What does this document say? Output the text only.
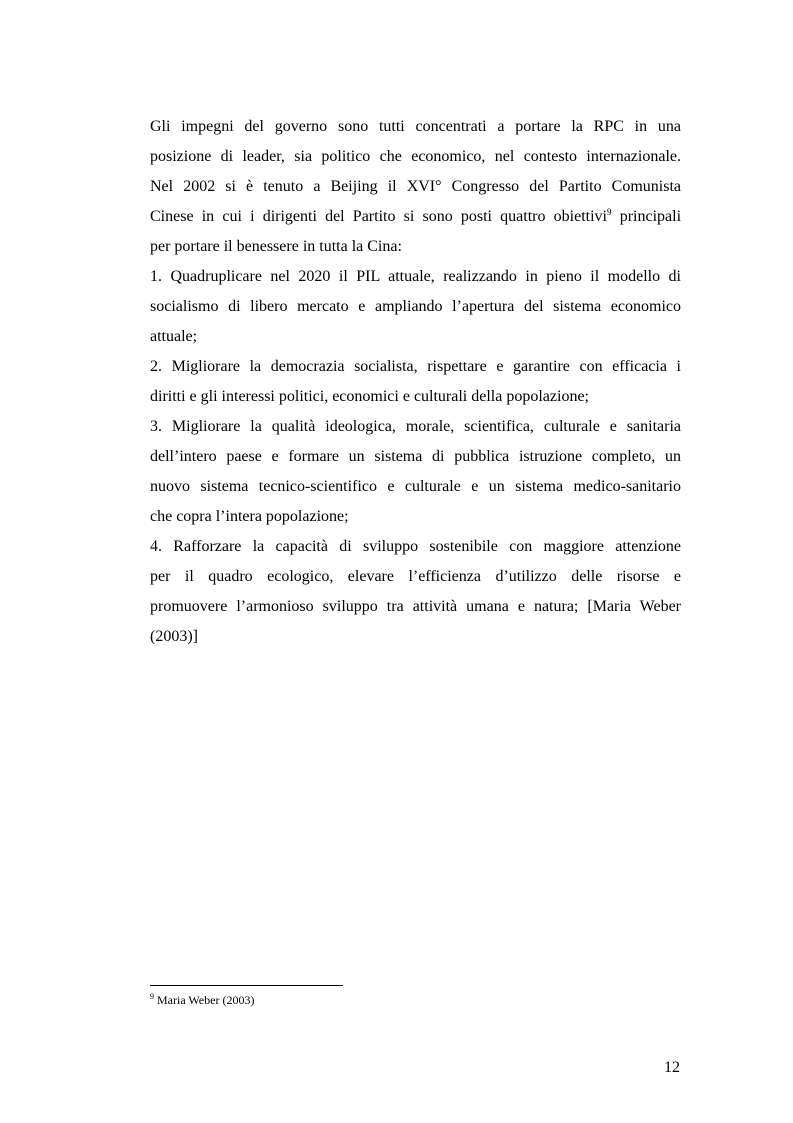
Gli impegni del governo sono tutti concentrati a portare la RPC in una
posizione di leader, sia politico che economico, nel contesto internazionale.
Nel 2002 si è tenuto a Beijing il XVI° Congresso del Partito Comunista
Cinese in cui i dirigenti del Partito si sono posti quattro obiettivi$^9$ principali
per portare il benessere in tutta la Cina:
1. Quadruplicare nel 2020 il PIL attuale, realizzando in pieno il modello di
socialismo di libero mercato e ampliando l’apertura del sistema economico
attuale;
2. Migliorare la democrazia socialista, rispettare e garantire con efficacia i
diritti e gli interessi politici, economici e culturali della popolazione;
3. Migliorare la qualità ideologica, morale, scientifica, culturale e sanitaria
dell’intero paese e formare un sistema di pubblica istruzione completo, un
nuovo sistema tecnico-scientifico e culturale e un sistema medico-sanitario
che copra l’intera popolazione;
4. Rafforzare la capacità di sviluppo sostenibile con maggiore attenzione
per il quadro ecologico, elevare l’efficienza d’utilizzo delle risorse e
promuovere l’armonioso sviluppo tra attività umana e natura; [Maria Weber
(2003)]
$^9$ Maria Weber (2003)
12
